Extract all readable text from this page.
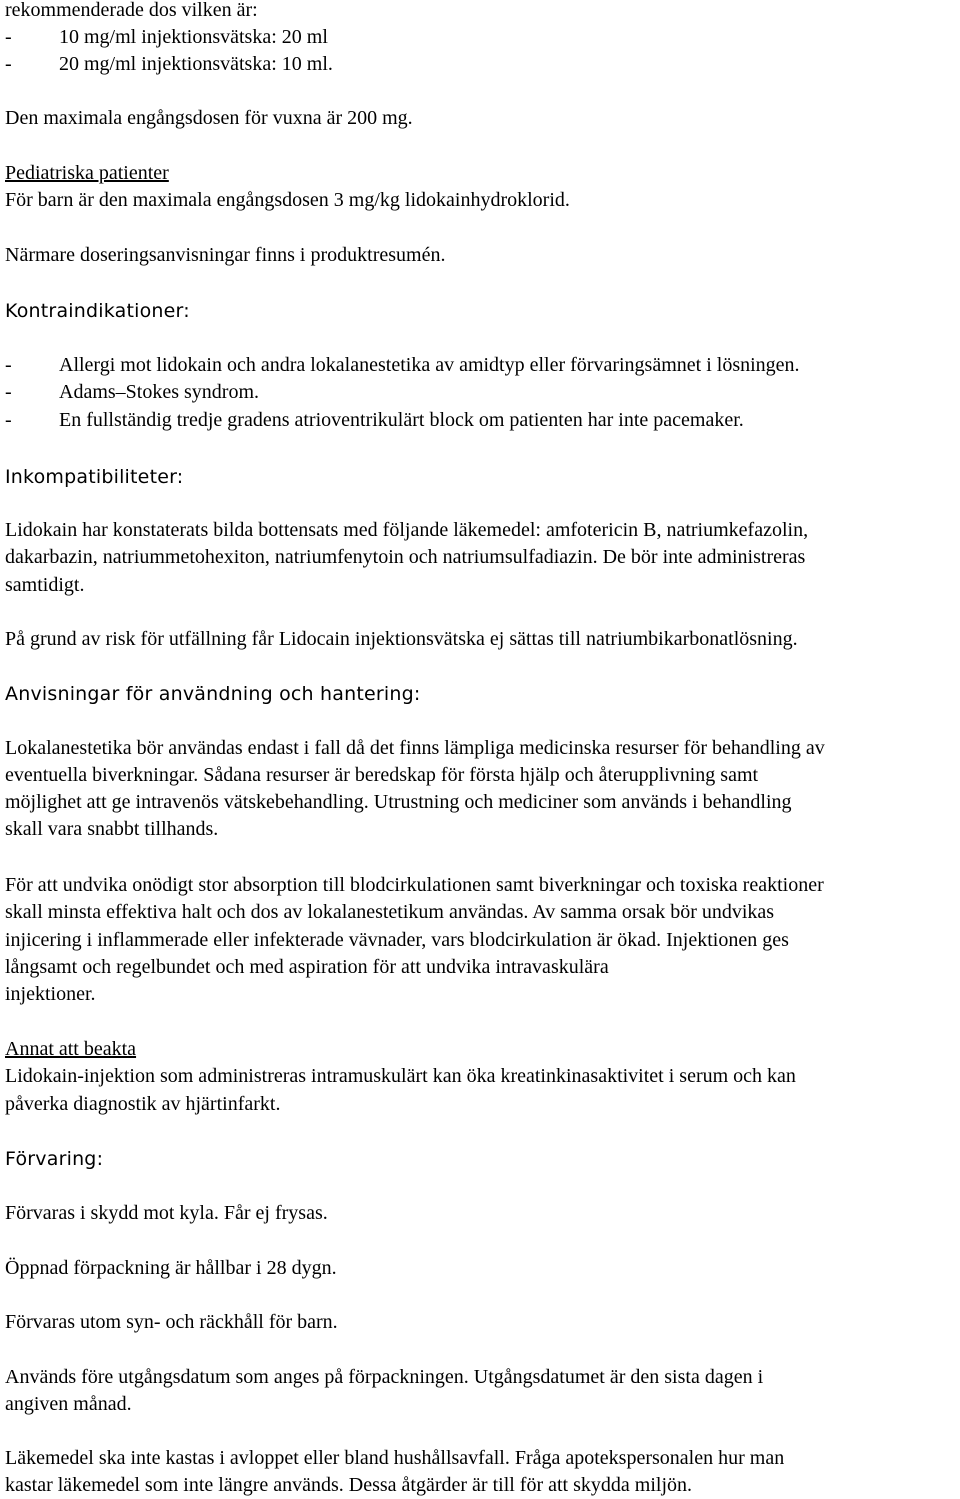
rekommenderade dos vilken är:
- 10 mg/ml injektionsvätska: 20 ml
- 20 mg/ml injektionsvätska: 10 ml.
Den maximala engångsdosen för vuxna är 200 mg.
Pediatriska patienter
För barn är den maximala engångsdosen 3 mg/kg lidokainhydroklorid.
Närmare doseringsanvisningar finns i produktresumén.
Kontraindikationer:
- Allergi mot lidokain och andra lokalanestetika av amidtyp eller förvaringsämnet i lösningen.
- Adams–Stokes syndrom.
- En fullständig tredje gradens atrioventrikulärt block om patienten har inte pacemaker.
Inkompatibiliteter:
Lidokain har konstaterats bilda bottensats med följande läkemedel: amfotericin B, natriumkefazolin,
dakarbazin, natriummetohexiton, natriumfenytoin och natriumsulfadiazin. De bör inte administreras
samtidigt.
På grund av risk för utfällning får Lidocain injektionsvätska ej sättas till natriumbikarbonatlösning.
Anvisningar för användning och hantering:
Lokalanestetika bör användas endast i fall då det finns lämpliga medicinska resurser för behandling av
eventuella biverkningar. Sådana resurser är beredskap för första hjälp och återupplivning samt
möjlighet att ge intravenös vätskebehandling. Utrustning och mediciner som används i behandling
skall vara snabbt tillhands.
För att undvika onödigt stor absorption till blodcirkulationen samt biverkningar och toxiska reaktioner
skall minsta effektiva halt och dos av lokalanestetikum användas. Av samma orsak bör undvikas
injicering i inflammerade eller infekterade vävnader, vars blodcirkulation är ökad. Injektionen ges
långsamt och regelbundet och med aspiration för att undvika intravaskulära
injektioner.
Annat att beakta
Lidokain-injektion som administreras intramuskulärt kan öka kreatinkinasaktivitet i serum och kan
påverka diagnostik av hjärtinfarkt.
Förvaring:
Förvaras i skydd mot kyla. Får ej frysas.
Öppnad förpackning är hållbar i 28 dygn.
Förvaras utom syn- och räckhåll för barn.
Används före utgångsdatum som anges på förpackningen. Utgångsdatumet är den sista dagen i
angiven månad.
Läkemedel ska inte kastas i avloppet eller bland hushållsavfall. Fråga apotekspersonalen hur man
kastar läkemedel som inte längre används. Dessa åtgärder är till för att skydda miljön.
